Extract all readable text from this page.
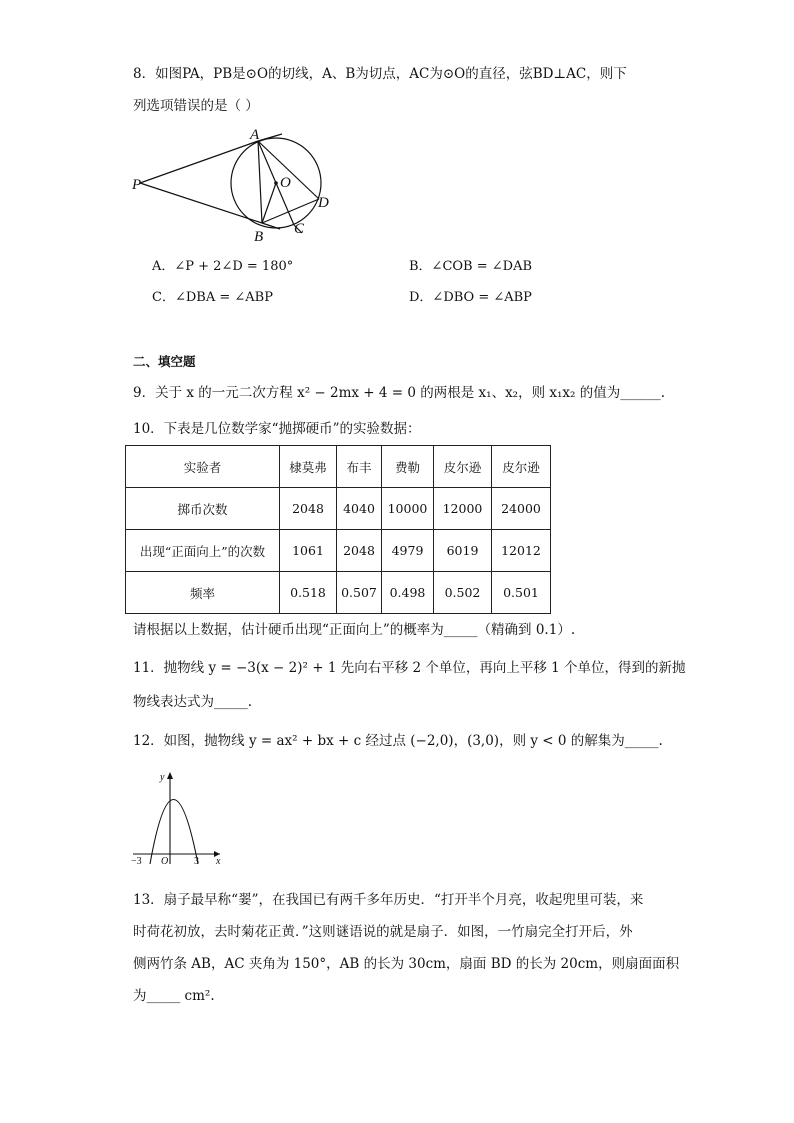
8．如图PA，PB是⊙O的切线，A、B为切点，AC为⊙O的直径，弦BD⊥AC，则下
列选项错误的是（ ）
A
P	O
D
B C
A．∠P + 2∠D = 180°	B．∠COB = ∠DAB
C．∠DBA = ∠ABP	D．∠DBO = ∠ABP
二、填空题
9．关于 x 的一元二次方程 x² − 2mx + 4 = 0 的两根是 x₁、x₂，则 x₁x₂ 的值为______.
10．下表是几位数学家“抛掷硬币”的实验数据：
实验者	棣莫弗	布丰	费勒	皮尔逊	皮尔逊
掷币次数	2048	4040	10000	12000	24000
出现“正面向上”的次数	1061	2048	4979	6019	12012
频率	0.518	0.507	0.498	0.502	0.501
请根据以上数据，估计硬币出现“正面向上”的概率为_____（精确到 0.1）.
11．抛物线 y = −3(x − 2)² + 1 先向右平移 2 个单位，再向上平移 1 个单位，得到的新抛
物线表达式为_____.
12．如图，抛物线 y = ax² + bx + c 经过点 (−2,0)，(3,0)，则 y < 0 的解集为_____.
y
x
O
−3	3
13．扇子最早称“翣”，在我国已有两千多年历史．“打开半个月亮，收起兜里可装，来
时荷花初放，去时菊花正黄．”这则谜语说的就是扇子．如图，一竹扇完全打开后，外
侧两竹条 AB，AC 夹角为 150°，AB 的长为 30cm，扇面 BD 的长为 20cm，则扇面面积
为_____ cm².
